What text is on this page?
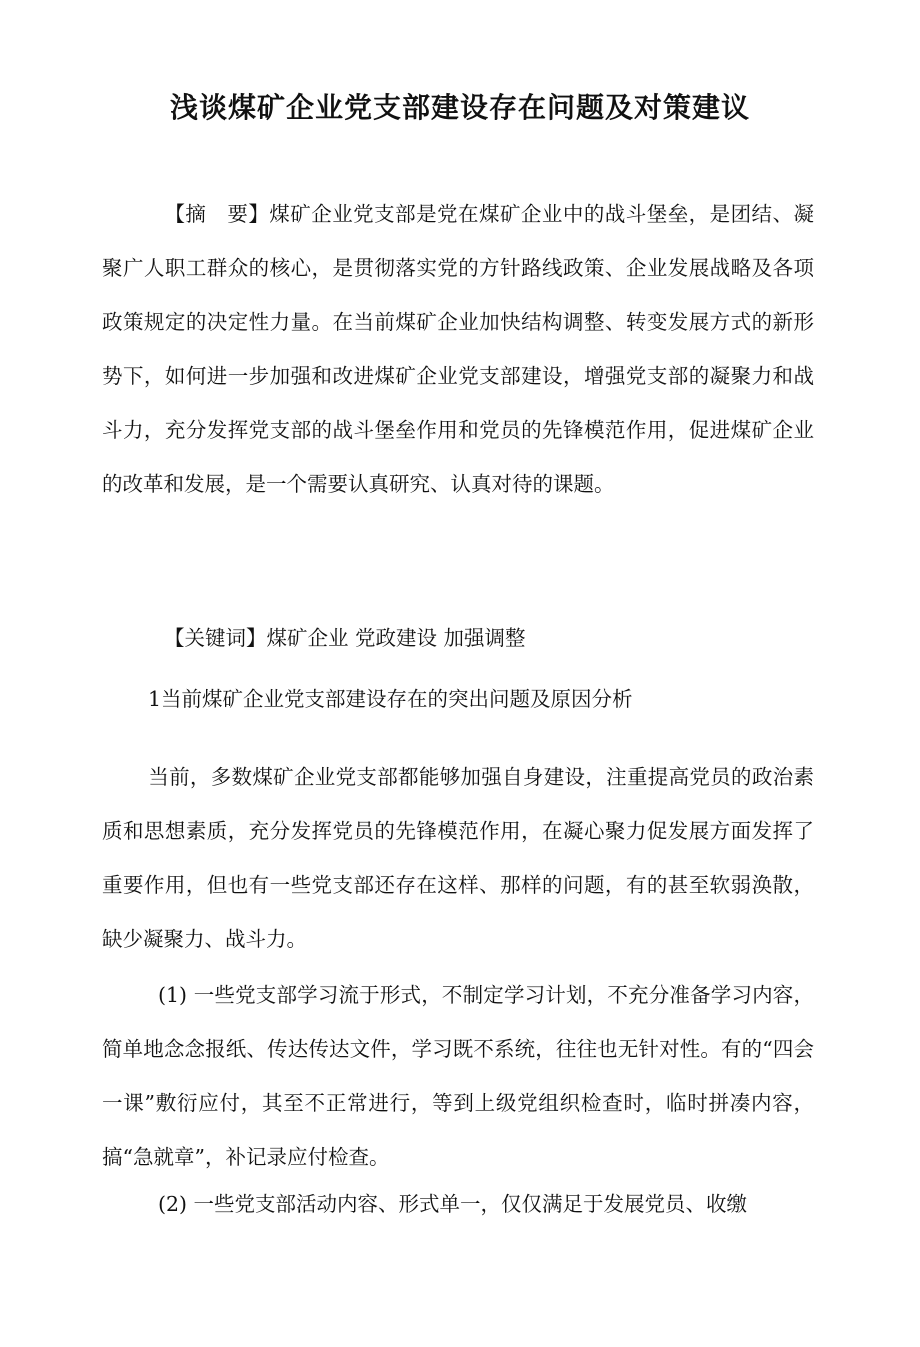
浅谈煤矿企业党支部建设存在问题及对策建议

【摘　要】煤矿企业党支部是党在煤矿企业中的战斗堡垒，是团结、凝聚广人职工群众的核心，是贯彻落实党的方针路线政策、企业发展战略及各项政策规定的决定性力量。在当前煤矿企业加快结构调整、转变发展方式的新形势下，如何进一步加强和改进煤矿企业党支部建设，增强党支部的凝聚力和战斗力，充分发挥党支部的战斗堡垒作用和党员的先锋模范作用，促进煤矿企业的改革和发展，是一个需要认真研究、认真对待的课题。

【关键词】煤矿企业 党政建设 加强调整

1当前煤矿企业党支部建设存在的突出问题及原因分析

当前，多数煤矿企业党支部都能够加强自身建设，注重提高党员的政治素质和思想素质，充分发挥党员的先锋模范作用，在凝心聚力促发展方面发挥了重要作用，但也有一些党支部还存在这样、那样的问题，有的甚至软弱涣散，缺少凝聚力、战斗力。

(1) 一些党支部学习流于形式，不制定学习计划，不充分准备学习内容，简单地念念报纸、传达传达文件，学习既不系统，往往也无针对性。有的“四会一课”敷衍应付，其至不正常进行，等到上级党组织检查时，临时拼凑内容，搞“急就章”，补记录应付检查。

(2) 一些党支部活动内容、形式单一，仅仅满足于发展党员、收缴
